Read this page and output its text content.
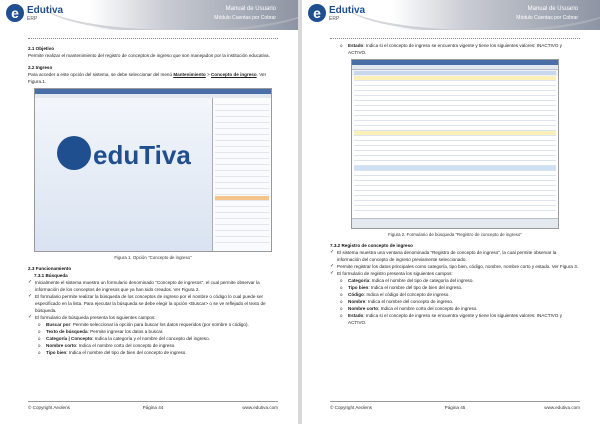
e Edutiva
ERP
Manual de Usuario
Módulo Cuentas por Cobrar

2.1 Objetivo

Permite realizar el mantenimiento del registro de conceptos de ingreso que son manejados por la institución educativa.

2.2 Ingreso

Para acceder a este opción del sistema, se debe seleccionar del menú Mantenimiento > Concepto de ingreso. Ver Figura.1.

eduTiva

Figura 1. Opción "Concepto de ingreso"

2.3 Funcionamiento

7.3.1 Búsqueda

✓ Inicialmente el sistema muestra un formulario denominado "Concepto de ingresos", el cual permite observar la información de los conceptos de ingresos que ya han sido creados. Ver Figura 2.

✓ El formulario permite realizar la búsqueda de los conceptos de ingreso por el nombre o código lo cual puede ser especificado en la lista. Para ejecutar la búsqueda se debe elegir la opción <Buscar> o se ve reflejado el texto de búsqueda.

✓ El formulario de búsqueda presenta los siguientes campos:

o Buscar por: Permite seleccionar la opción para buscar los datos requeridos (por nombre o código).

o Texto de búsqueda: Permite ingresar los datos a buscar.

o Categoría | Concepto: Indica la categoría y el nombre del concepto del ingreso.

o Nombre corto: Indica el nombre corto del concepto de ingreso.

o Tipo bien: Indica el nombre del tipo de bien del concepto de ingreso.

© Copyright Aeolens	Página 44	www.edutiva.com
e Edutiva
ERP
Manual de Usuario
Módulo Cuentas por Cobrar

o Estado: Indica si el concepto de ingreso se encuentra vigente y tiene los siguientes valores: INACTIVO y ACTIVO.

Figura 2. Formulario de búsqueda "Registro de concepto de ingreso"

7.3.2 Registro de concepto de ingreso

✓ El sistema muestra una ventana denominada "Registro de concepto de ingreso", la cual permite observar la información del concepto de ingreso previamente seleccionado.

✓ Permite registrar los datos principales como categoría, tipo bien, código, nombre, nombre corto y estado. Ver Figura 3.

✓ El formulario de registro presenta los siguientes campos:

o Categoría: Indica el nombre del tipo de categoría del ingreso.

o Tipo bien: Indica el nombre del tipo de bien del ingreso.

o Código: Indica el código del concepto de ingreso.

o Nombre: Indica el nombre del concepto de ingreso.

o Nombre corto: Indica el nombre corto del concepto de ingreso.

o Estado: Indica si el concepto de ingreso se encuentra vigente y tiene los siguientes valores: INACTIVO y ACTIVO.

© Copyright Aeolens	Página 45	www.edutiva.com
